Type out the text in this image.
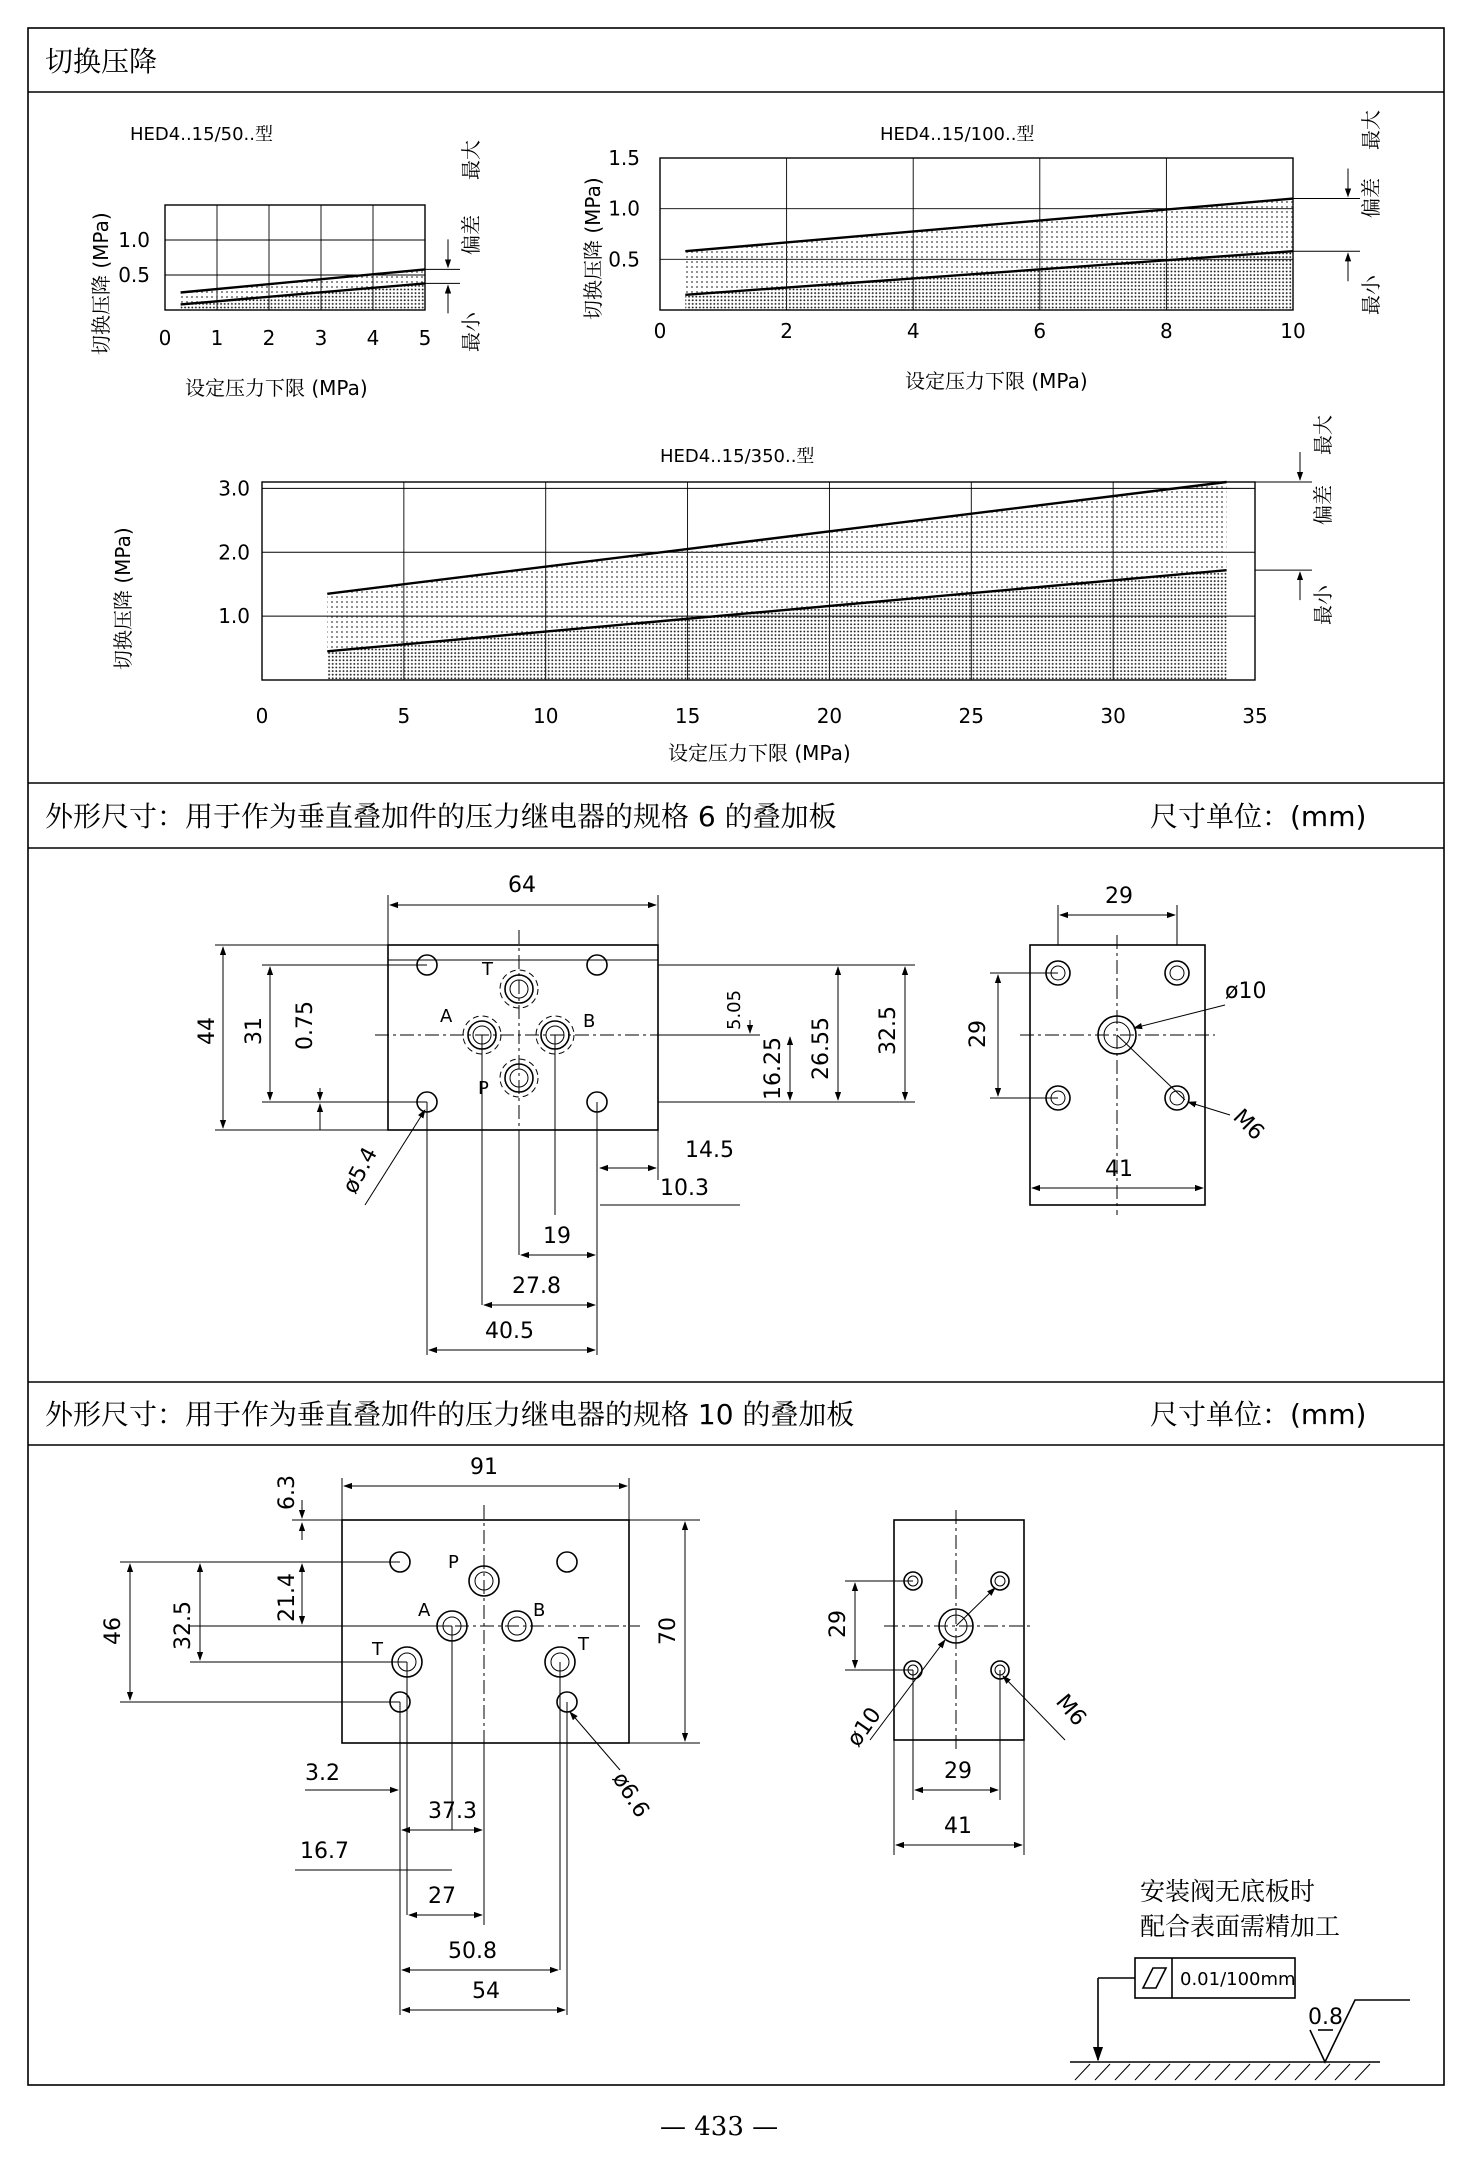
切换压降
外形尺寸：用于作为垂直叠加件的压力继电器的规格 6 的叠加板	尺寸单位：(mm)
外形尺寸：用于作为垂直叠加件的压力继电器的规格 10 的叠加板	尺寸单位：(mm)
0 1 2 3 4 5
0.5
1.0
HED4..15/50..型
设定压力下限 (MPa)
切换压降 (MPa)
最大
偏差
最小	0	2	4	6	8	10
0.5
1.0
1.5
HED4..15/100..型
设定压力下限 (MPa)
切换压降 (MPa)
最大
偏差
最小
0	5	10	15	20	25	30	35
1.0
2.0
3.0
HED4..15/350..型
设定压力下限 (MPa)
切换压降 (MPa)
最大
偏差
最小
T
A	B
P
64
44 31 0.75	5.05
16.25 26.55 32.5
14.5
10.3
19
27.8
40.5
ø5.4
29
29
ø10
M6
41
P
A	B
T	T
91
6.3
21.4
32.5
46	70
3.2
37.3
16.7
27
50.8
54
ø6.6
29
ø10	M6
29
41
安装阀无底板时
配合表面需精加工
0.01/100mm
0.8
— 433 —
